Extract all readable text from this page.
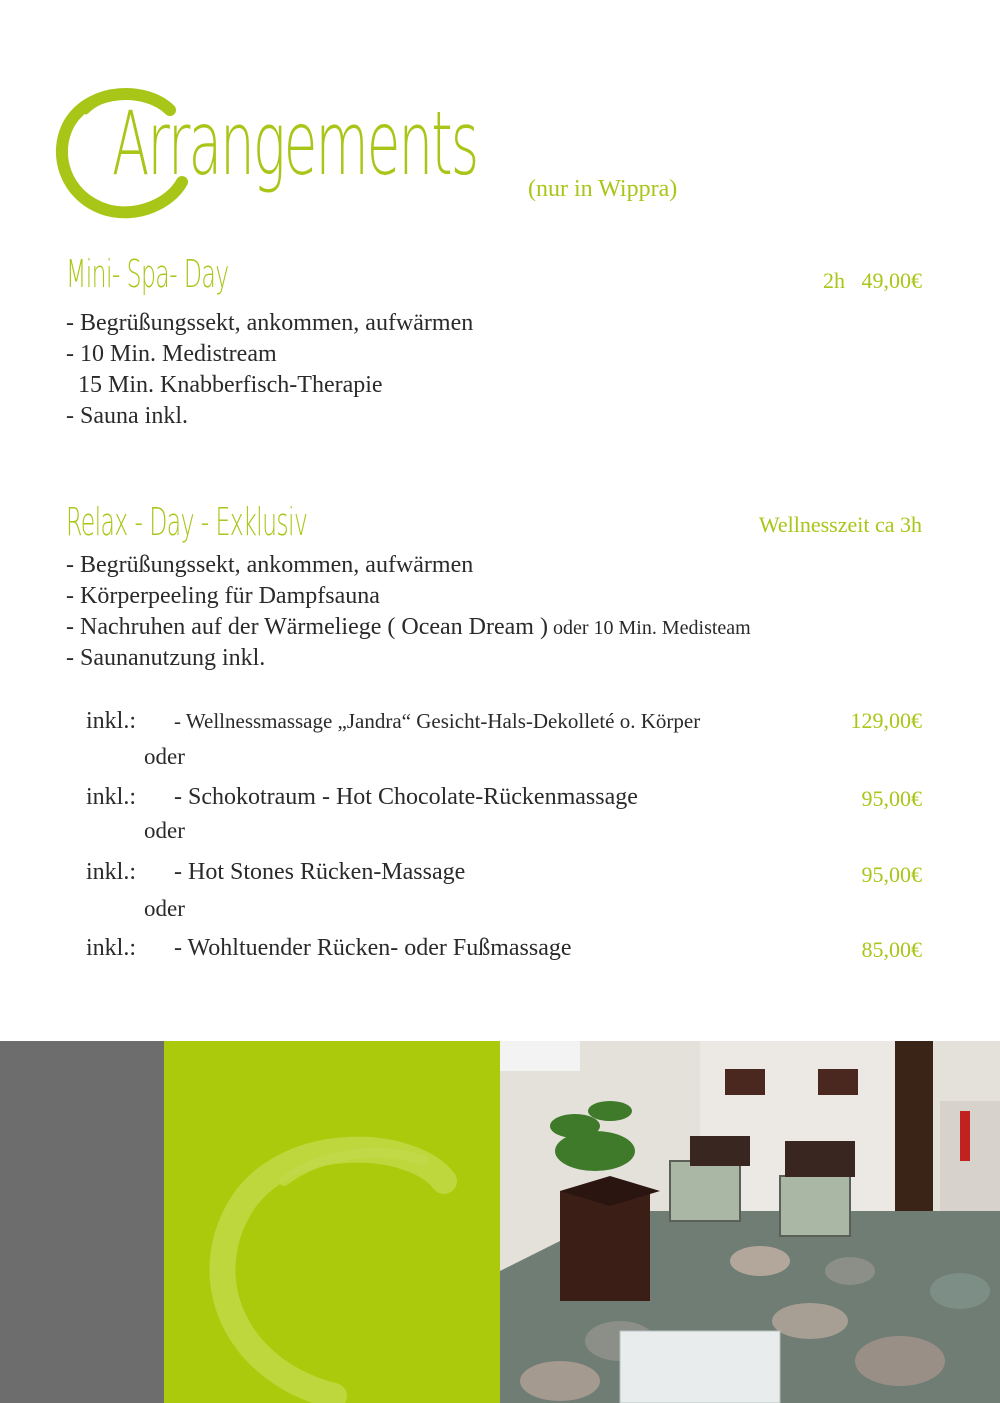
Arrangements (nur in Wippra)
Mini- Spa- Day	2h   49,00€
- Begrüßungssekt, ankommen, aufwärmen
- 10 Min. Medistream
15 Min. Knabberfisch-Therapie
- Sauna inkl.
Relax - Day - Exklusiv	Wellnesszeit ca 3h
- Begrüßungssekt, ankommen, aufwärmen
- Körperpeeling für Dampfsauna
- Nachruhen auf der Wärmeliege ( Ocean Dream ) oder 10 Min. Medisteam
- Saunanutzung inkl.
inkl.: - Wellnessmassage „Jandra“ Gesicht-Hals-Dekolleté o. Körper	129,00€
oder
inkl.: - Schokotraum - Hot Chocolate-Rückenmassage	95,00€
oder
inkl.: - Hot Stones Rücken-Massage	95,00€
oder
inkl.: - Wohltuender Rücken- oder Fußmassage	85,00€
